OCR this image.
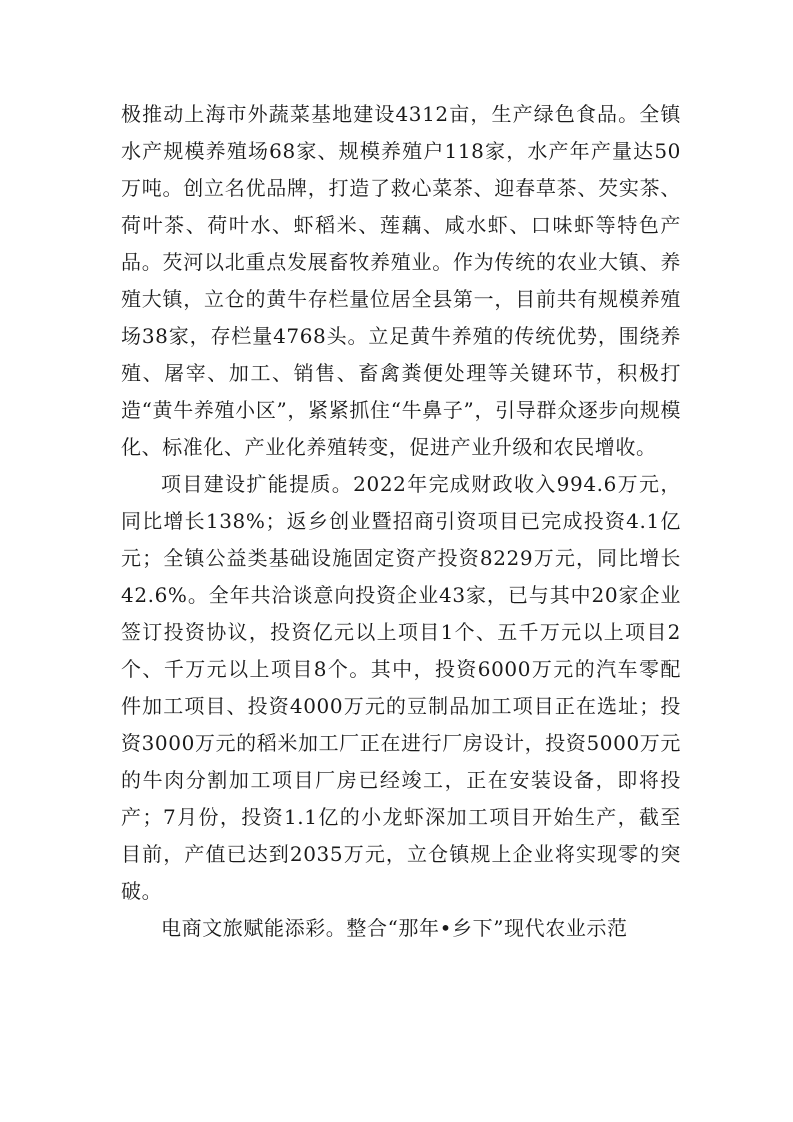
极推动上海市外蔬菜基地建设4312亩，生产绿色食品。全镇水产规模养殖场68家、规模养殖户118家，水产年产量达50万吨。创立名优品牌，打造了救心菜茶、迎春草茶、芡实茶、荷叶茶、荷叶水、虾稻米、莲藕、咸水虾、口味虾等特色产品。芡河以北重点发展畜牧养殖业。作为传统的农业大镇、养殖大镇，立仓的黄牛存栏量位居全县第一，目前共有规模养殖场38家，存栏量4768头。立足黄牛养殖的传统优势，围绕养殖、屠宰、加工、销售、畜禽粪便处理等关键环节，积极打造“黄牛养殖小区”，紧紧抓住“牛鼻子”，引导群众逐步向规模化、标准化、产业化养殖转变，促进产业升级和农民增收。

项目建设扩能提质。2022年完成财政收入994.6万元，同比增长138%；返乡创业暨招商引资项目已完成投资4.1亿元；全镇公益类基础设施固定资产投资8229万元，同比增长42.6%。全年共洽谈意向投资企业43家，已与其中20家企业签订投资协议，投资亿元以上项目1个、五千万元以上项目2个、千万元以上项目8个。其中，投资6000万元的汽车零配件加工项目、投资4000万元的豆制品加工项目正在选址；投资3000万元的稻米加工厂正在进行厂房设计，投资5000万元的牛肉分割加工项目厂房已经竣工，正在安装设备，即将投产；7月份，投资1.1亿的小龙虾深加工项目开始生产，截至目前，产值已达到2035万元，立仓镇规上企业将实现零的突破。

电商文旅赋能添彩。整合“那年•乡下”现代农业示范
